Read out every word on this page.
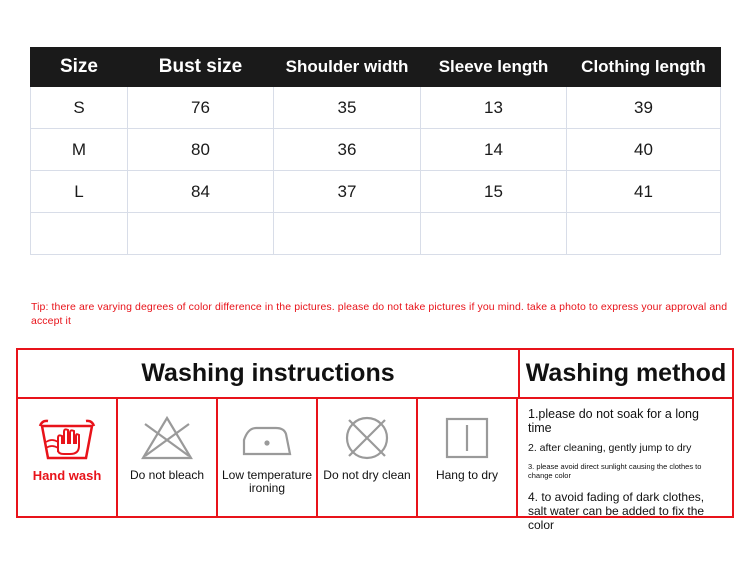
Size	Bust size	Shoulder width	Sleeve length	Clothing length
S	76	35	13	39
M	80	36	14	40
L	84	37	15	41

Tip: there are varying degrees of color difference in the pictures. please do not take pictures if you mind. take a photo to express your approval and accept it
Washing instructions	Washing method
Hand wash Do not bleach	Low temperature ironing
Do not dry clean Hang to dry
1.please do not soak for a long time
2. after cleaning, gently jump to dry
3. please avoid direct sunlight causing the clothes to change color
4. to avoid fading of dark clothes, salt water can be added to fix the color
